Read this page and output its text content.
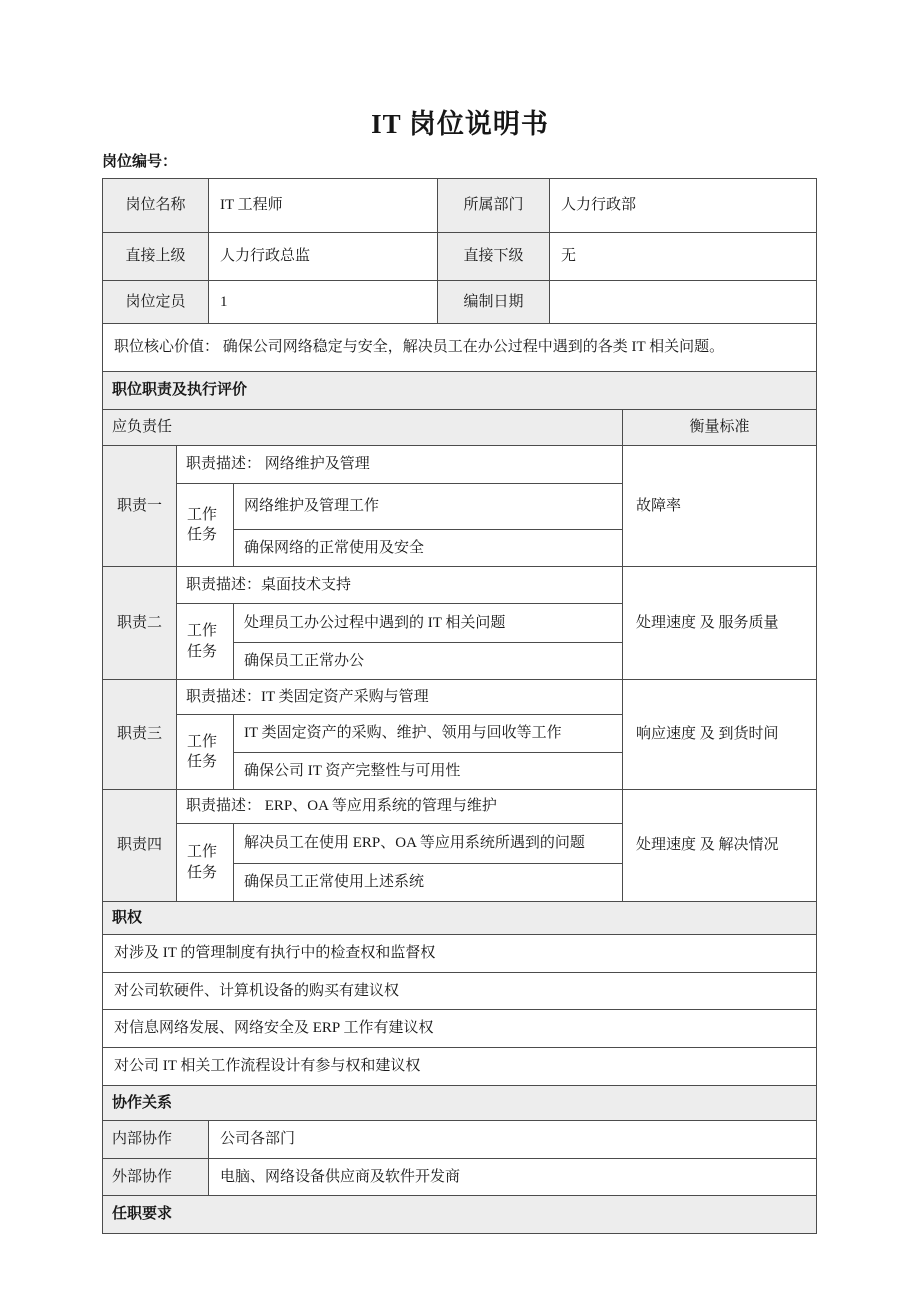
IT 岗位说明书
岗位编号：
岗位名称		IT 工程师		所属部门	人力行政部	
直接上级		人力行政总监		直接下级	无	
岗位定员		1		编制日期		
职位核心价值： 确保公司网络稳定与安全，解决员工在办公过程中遇到的各类 IT 相关问题。						
职位职责及执行评价						
应负责任						衡量标准
职责一	职责描述： 网络维护及管理					故障率
	工作任务		网络维护及管理工作			
			确保网络的正常使用及安全			
职责二	职责描述：桌面技术支持					处理速度 及 服务质量
	工作任务		处理员工办公过程中遇到的 IT 相关问题			
			确保员工正常办公			
职责三	职责描述：IT 类固定资产采购与管理					响应速度 及 到货时间
	工作任务		IT 类固定资产的采购、维护、领用与回收等工作			
			确保公司 IT 资产完整性与可用性			
职责四	职责描述： ERP、OA 等应用系统的管理与维护					处理速度 及 解决情况
	工作任务		解决员工在使用 ERP、OA 等应用系统所遇到的问题			
			确保员工正常使用上述系统			
职权						
对涉及 IT 的管理制度有执行中的检查权和监督权						
对公司软硬件、计算机设备的购买有建议权						
对信息网络发展、网络安全及 ERP 工作有建议权						
对公司 IT 相关工作流程设计有参与权和建议权						
协作关系						
内部协作		公司各部门				
外部协作		电脑、网络设备供应商及软件开发商				
任职要求						
